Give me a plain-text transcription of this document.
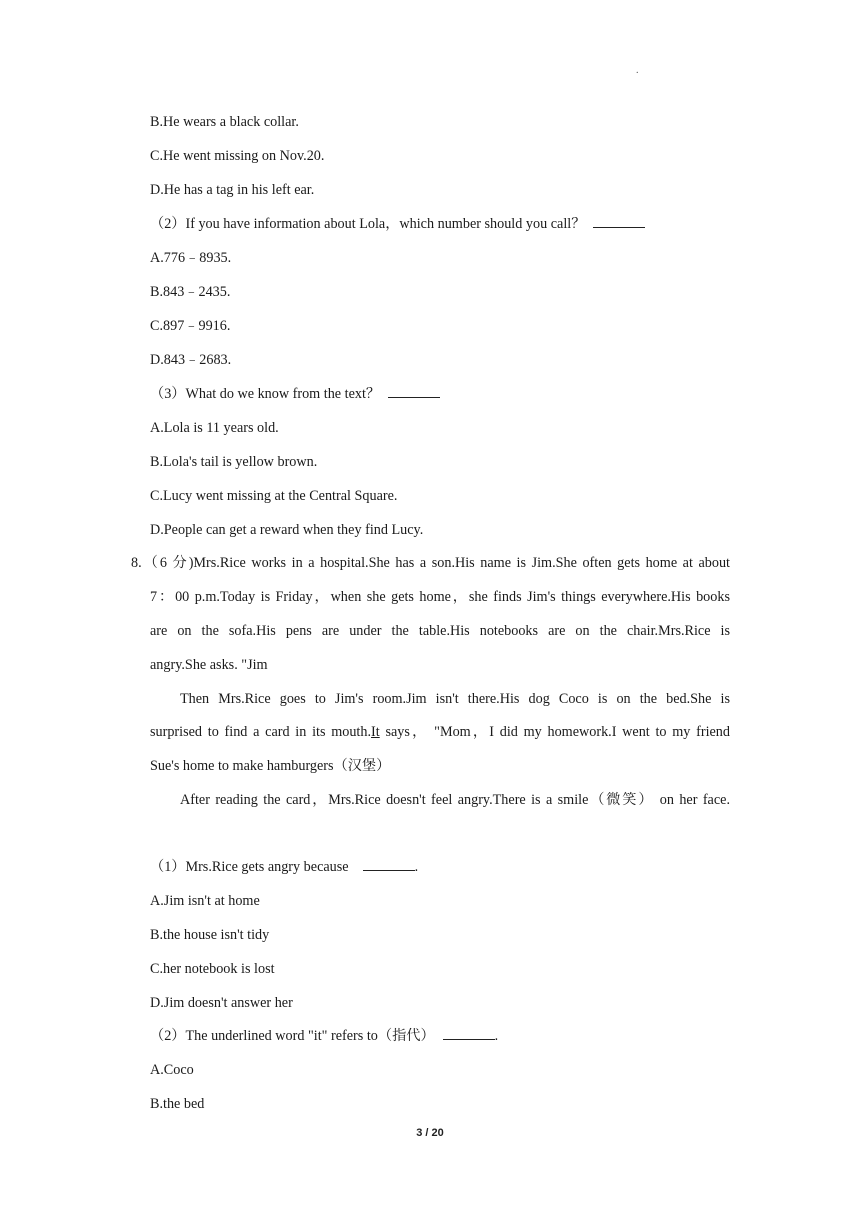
.
B.He wears a black collar.
C.He went missing on Nov.20.
D.He has a tag in his left ear.
（2）If you have information about Lola，which number should you call？
A.776﹣8935.
B.843﹣2435.
C.897﹣9916.
D.843﹣2683.
（3）What do we know from the text？
A.Lola is 11 years old.
B.Lola's tail is yellow brown.
C.Lucy went missing at the Central Square.
D.People can get a reward when they find Lucy.
8.（6 分)Mrs.Rice works in a hospital.She has a son.His name is Jim.She often gets home at about
7：00 p.m.Today is Friday，when she gets home，she finds Jim's things everywhere.His books
are on the sofa.His pens are under the table.His notebooks are on the chair.Mrs.Rice is
angry.She asks. "Jim
Then Mrs.Rice goes to Jim's room.Jim isn't there.His dog Coco is on the bed.She is
surprised to find a card in its mouth.It says， "Mom，I did my homework.I went to my friend
Sue's home to make hamburgers（汉堡）
After reading the card，Mrs.Rice doesn't feel angry.There is a smile（微笑） on her face.
（1）Mrs.Rice gets angry because	.
A.Jim isn't at home
B.the house isn't tidy
C.her notebook is lost
D.Jim doesn't answer her
（2）The underlined word "it" refers to（指代）	.
A.Coco
B.the bed
3 / 20
